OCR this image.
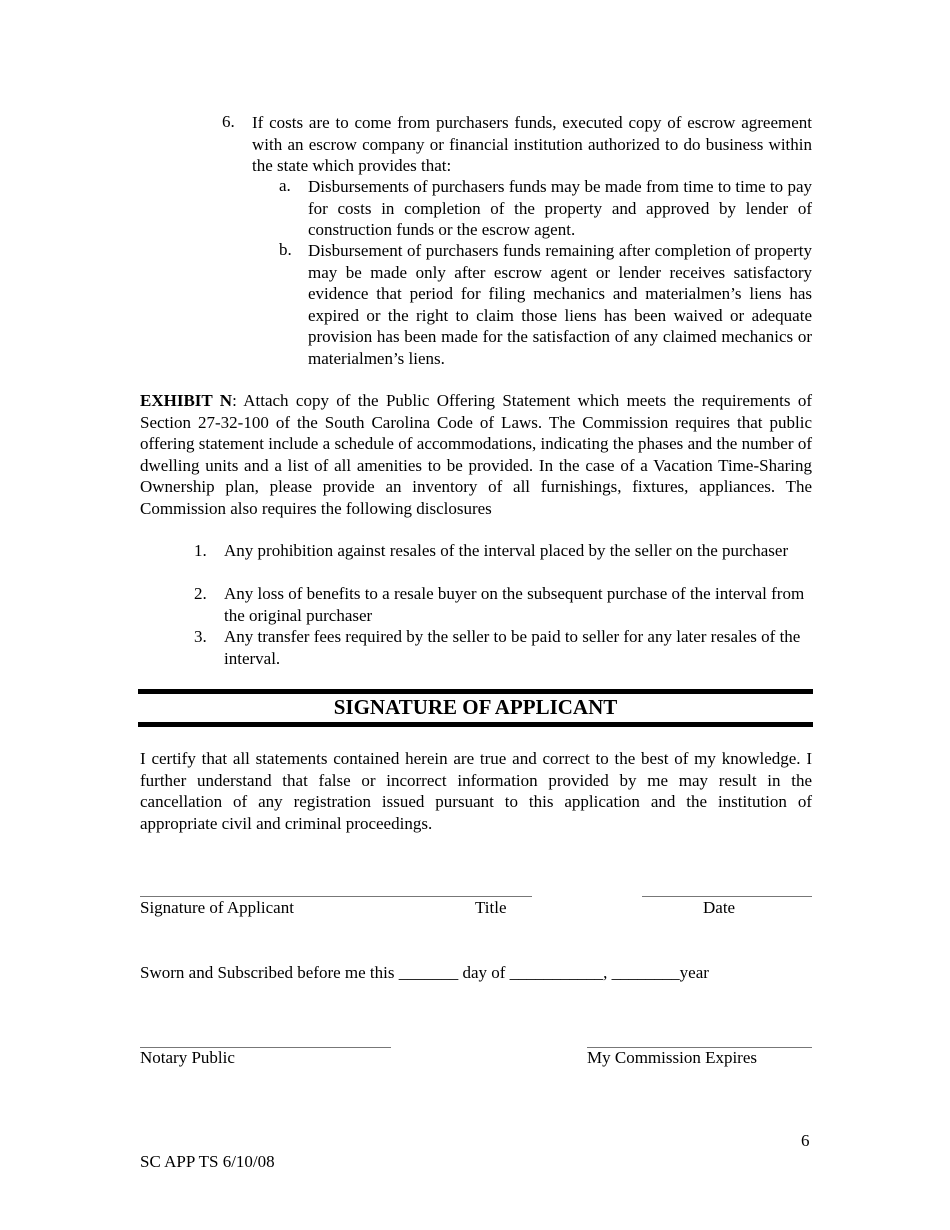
6. If costs are to come from purchasers funds, executed copy of escrow agreement with an escrow company or financial institution authorized to do business within the state which provides that:
a. Disbursements of purchasers funds may be made from time to time to pay for costs in completion of the property and approved by lender of construction funds or the escrow agent.
b. Disbursement of purchasers funds remaining after completion of property may be made only after escrow agent or lender receives satisfactory evidence that period for filing mechanics and materialmen’s liens has expired or the right to claim those liens has been waived or adequate provision has been made for the satisfaction of any claimed mechanics or materialmen’s liens.
EXHIBIT N: Attach copy of the Public Offering Statement which meets the requirements of Section 27-32-100 of the South Carolina Code of Laws. The Commission requires that public offering statement include a schedule of accommodations, indicating the phases and the number of dwelling units and a list of all amenities to be provided. In the case of a Vacation Time-Sharing Ownership plan, please provide an inventory of all furnishings, fixtures, appliances. The Commission also requires the following disclosures
1. Any prohibition against resales of the interval placed by the seller on the purchaser
2. Any loss of benefits to a resale buyer on the subsequent purchase of the interval from the original purchaser
3. Any transfer fees required by the seller to be paid to seller for any later resales of the interval.
SIGNATURE OF APPLICANT
I certify that all statements contained herein are true and correct to the best of my knowledge. I further understand that false or incorrect information provided by me may result in the cancellation of any registration issued pursuant to this application and the institution of appropriate civil and criminal proceedings.
Signature of Applicant	Title	Date
Sworn and Subscribed before me this _______ day of ___________, ________year
Notary Public	My Commission Expires
6
SC APP TS 6/10/08
